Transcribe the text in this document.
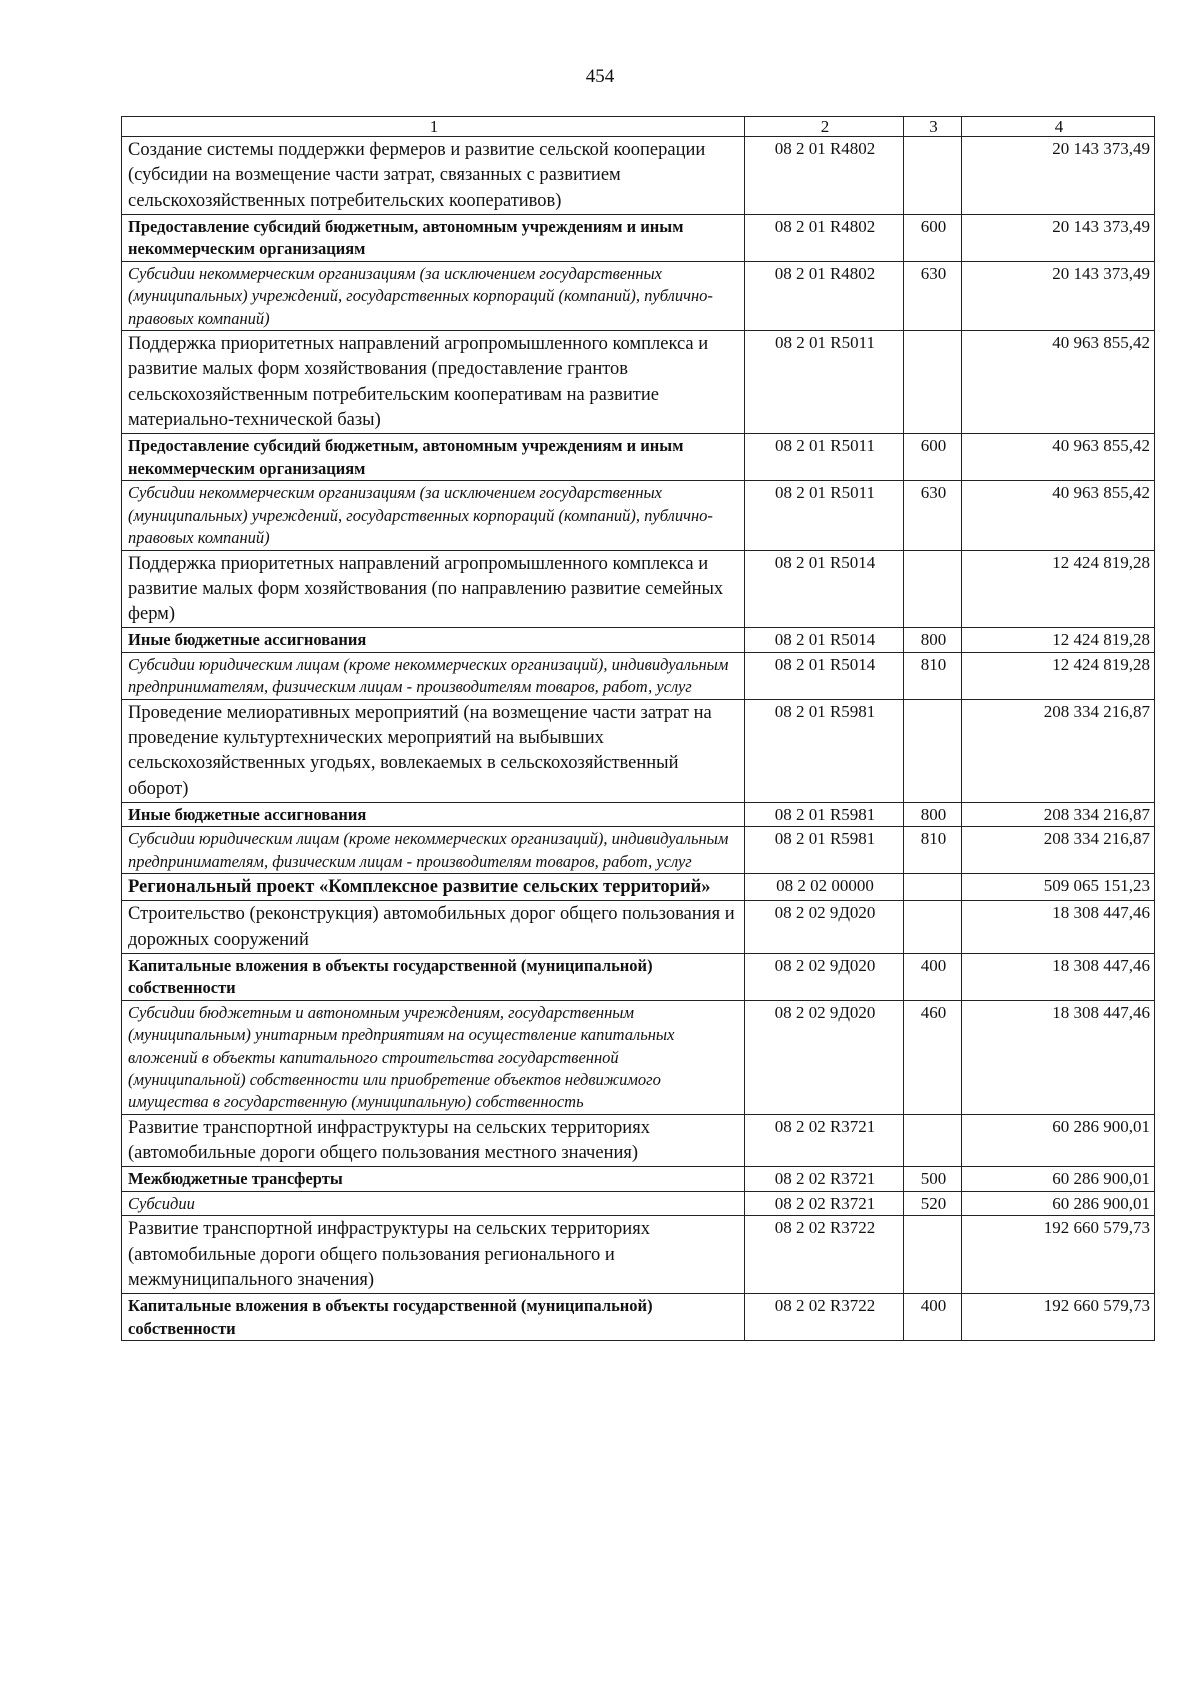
454
1	2	3	4
Создание системы поддержки фермеров и развитие сельской кооперации (субсидии на возмещение части затрат, связанных с развитием сельскохозяйственных потребительских кооперативов)	08 2 01 R4802		20 143 373,49
Предоставление субсидий бюджетным, автономным учреждениям и иным некоммерческим организациям	08 2 01 R4802	600	20 143 373,49
Субсидии некоммерческим организациям (за исключением государственных (муниципальных) учреждений, государственных корпораций (компаний), публично-правовых компаний)	08 2 01 R4802	630	20 143 373,49
Поддержка приоритетных направлений агропромышленного комплекса и развитие малых форм хозяйствования (предоставление грантов сельскохозяйственным потребительским кооперативам на развитие материально-технической базы)	08 2 01 R5011		40 963 855,42
Предоставление субсидий бюджетным, автономным учреждениям и иным некоммерческим организациям	08 2 01 R5011	600	40 963 855,42
Субсидии некоммерческим организациям (за исключением государственных (муниципальных) учреждений, государственных корпораций (компаний), публично-правовых компаний)	08 2 01 R5011	630	40 963 855,42
Поддержка приоритетных направлений агропромышленного комплекса и развитие малых форм хозяйствования (по направлению развитие семейных ферм)	08 2 01 R5014		12 424 819,28
Иные бюджетные ассигнования	08 2 01 R5014	800	12 424 819,28
Субсидии юридическим лицам (кроме некоммерческих организаций), индивидуальным предпринимателям, физическим лицам - производителям товаров, работ, услуг	08 2 01 R5014	810	12 424 819,28
Проведение мелиоративных мероприятий (на возмещение части затрат на проведение культуртехнических мероприятий на выбывших сельскохозяйственных угодьях, вовлекаемых в сельскохозяйственный оборот)	08 2 01 R5981		208 334 216,87
Иные бюджетные ассигнования	08 2 01 R5981	800	208 334 216,87
Субсидии юридическим лицам (кроме некоммерческих организаций), индивидуальным предпринимателям, физическим лицам - производителям товаров, работ, услуг	08 2 01 R5981	810	208 334 216,87
Региональный проект «Комплексное развитие сельских территорий»	08 2 02 00000		509 065 151,23
Строительство (реконструкция) автомобильных дорог общего пользования и дорожных сооружений	08 2 02 9Д020		18 308 447,46
Капитальные вложения в объекты государственной (муниципальной) собственности	08 2 02 9Д020	400	18 308 447,46
Субсидии бюджетным и автономным учреждениям, государственным (муниципальным) унитарным предприятиям на осуществление капитальных вложений в объекты капитального строительства государственной (муниципальной) собственности или приобретение объектов недвижимого имущества в государственную (муниципальную) собственность	08 2 02 9Д020	460	18 308 447,46
Развитие транспортной инфраструктуры на сельских территориях (автомобильные дороги общего пользования местного значения)	08 2 02 R3721		60 286 900,01
Межбюджетные трансферты	08 2 02 R3721	500	60 286 900,01
Субсидии	08 2 02 R3721	520	60 286 900,01
Развитие транспортной инфраструктуры на сельских территориях (автомобильные дороги общего пользования регионального и межмуниципального значения)	08 2 02 R3722		192 660 579,73
Капитальные вложения в объекты государственной (муниципальной) собственности	08 2 02 R3722	400	192 660 579,73
